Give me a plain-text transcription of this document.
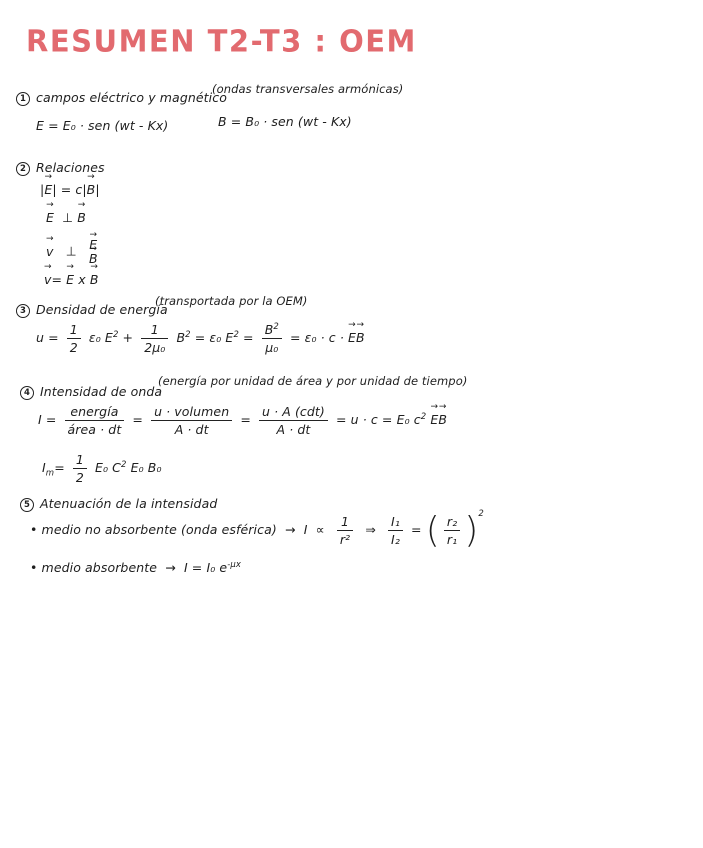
RESUMEN T2-T3 : OEM
1 campos eléctrico y magnético
(ondas transversales armónicas)
E = E₀ · sen (wt - Kx)	B = B₀ · sen (wt - Kx)
2 Relaciones
|→ E| = c|→ B|
→ E  ⊥ → B
→ v   ⊥   → E
→ B
→ v= → E x → B
3 Densidad de energía
(transportada por la OEM)
$u = \frac{1}{2} \varepsilon_0$ $E^2 + \frac{1}{\text{2μ₀}} B^2 = \varepsilon_0$ $E^2 = \frac{B^2}{\text{μ₀}} = \varepsilon_0 \cdot c$ · → E→ B
4 Intensidad de onda
(energía por unidad de área y por unidad de tiempo)
$I = \frac{\text{energía}}{\text{área · dt}} = \frac{\text{u · volumen}}{A \cdot dt} = \frac{\text{u · A (cdt)}}{A \cdot dt} = u \cdot c = E_0$ $c^2 \to E\to B$
$I_m= \frac{1}{2} E_0$ $C^2$ E₀ B₀
5 Atenuación de la intensidad
• medio no absorbente (onda esférica)  →  $I \propto \frac{1}{\text{r²}}$ ⇒ $\frac{\text{I₁}}{\text{I₂}}$ = ( $\frac{\text{r₂}}{\text{r₁}} )^2$
• medio absorbente  →  I = I₀ $e^{-\mu x}$
